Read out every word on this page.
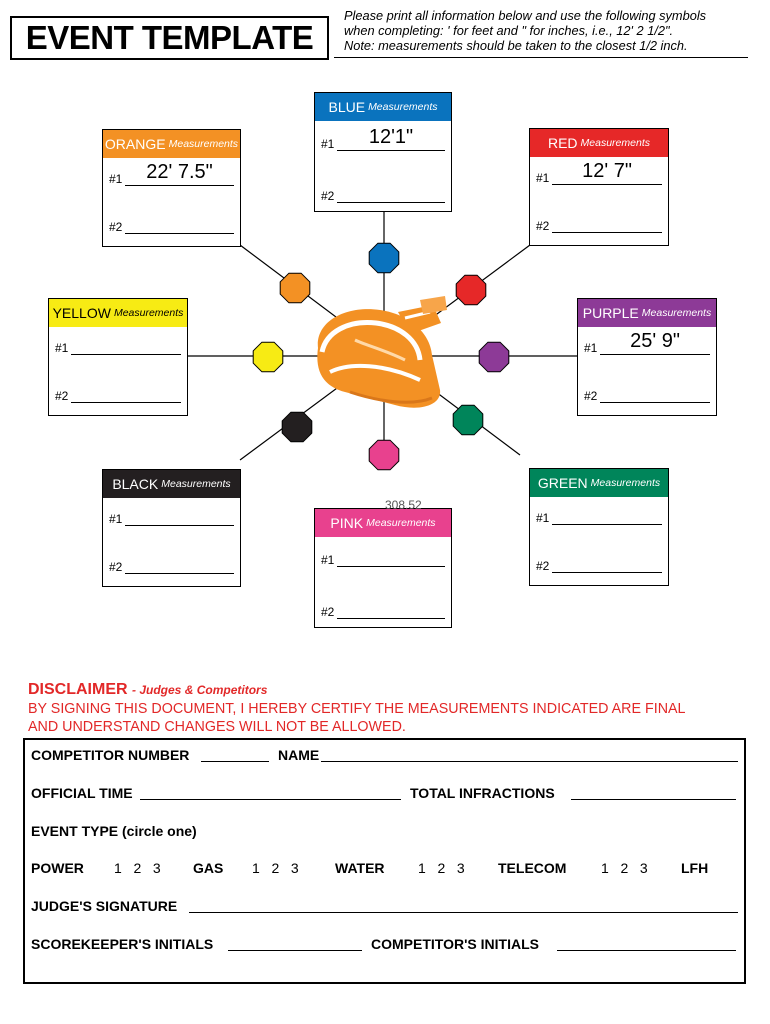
EVENT TEMPLATE
Please print all information below and use the following symbols
when completing: ' for feet and " for inches, i.e., 12' 2 1/2".
Note: measurements should be taken to the closest 1/2 inch.
BLUE Measurements
#1	12'1"
#2
ORANGE Measurements
#1	22' 7.5"
#2
RED Measurements
#1	12' 7"
#2
YELLOW Measurements
#1
#2
PURPLE Measurements
#1	25' 9"
#2
BLACK Measurements
#1
#2
GREEN Measurements
#1
#2
PINK Measurements
#1
#2
308.52
DISCLAIMER - Judges & Competitors
BY SIGNING THIS DOCUMENT, I HEREBY CERTIFY THE MEASUREMENTS INDICATED ARE FINAL
AND UNDERSTAND CHANGES WILL NOT BE ALLOWED.
COMPETITOR NUMBER	NAME
OFFICIAL TIME	TOTAL INFRACTIONS
EVENT TYPE (circle one)
POWER 1   2   3 GAS 1   2   3	WATER 1   2   3 TELECOM 1   2   3 LFH
JUDGE'S SIGNATURE
SCOREKEEPER'S INITIALS	COMPETITOR'S INITIALS
